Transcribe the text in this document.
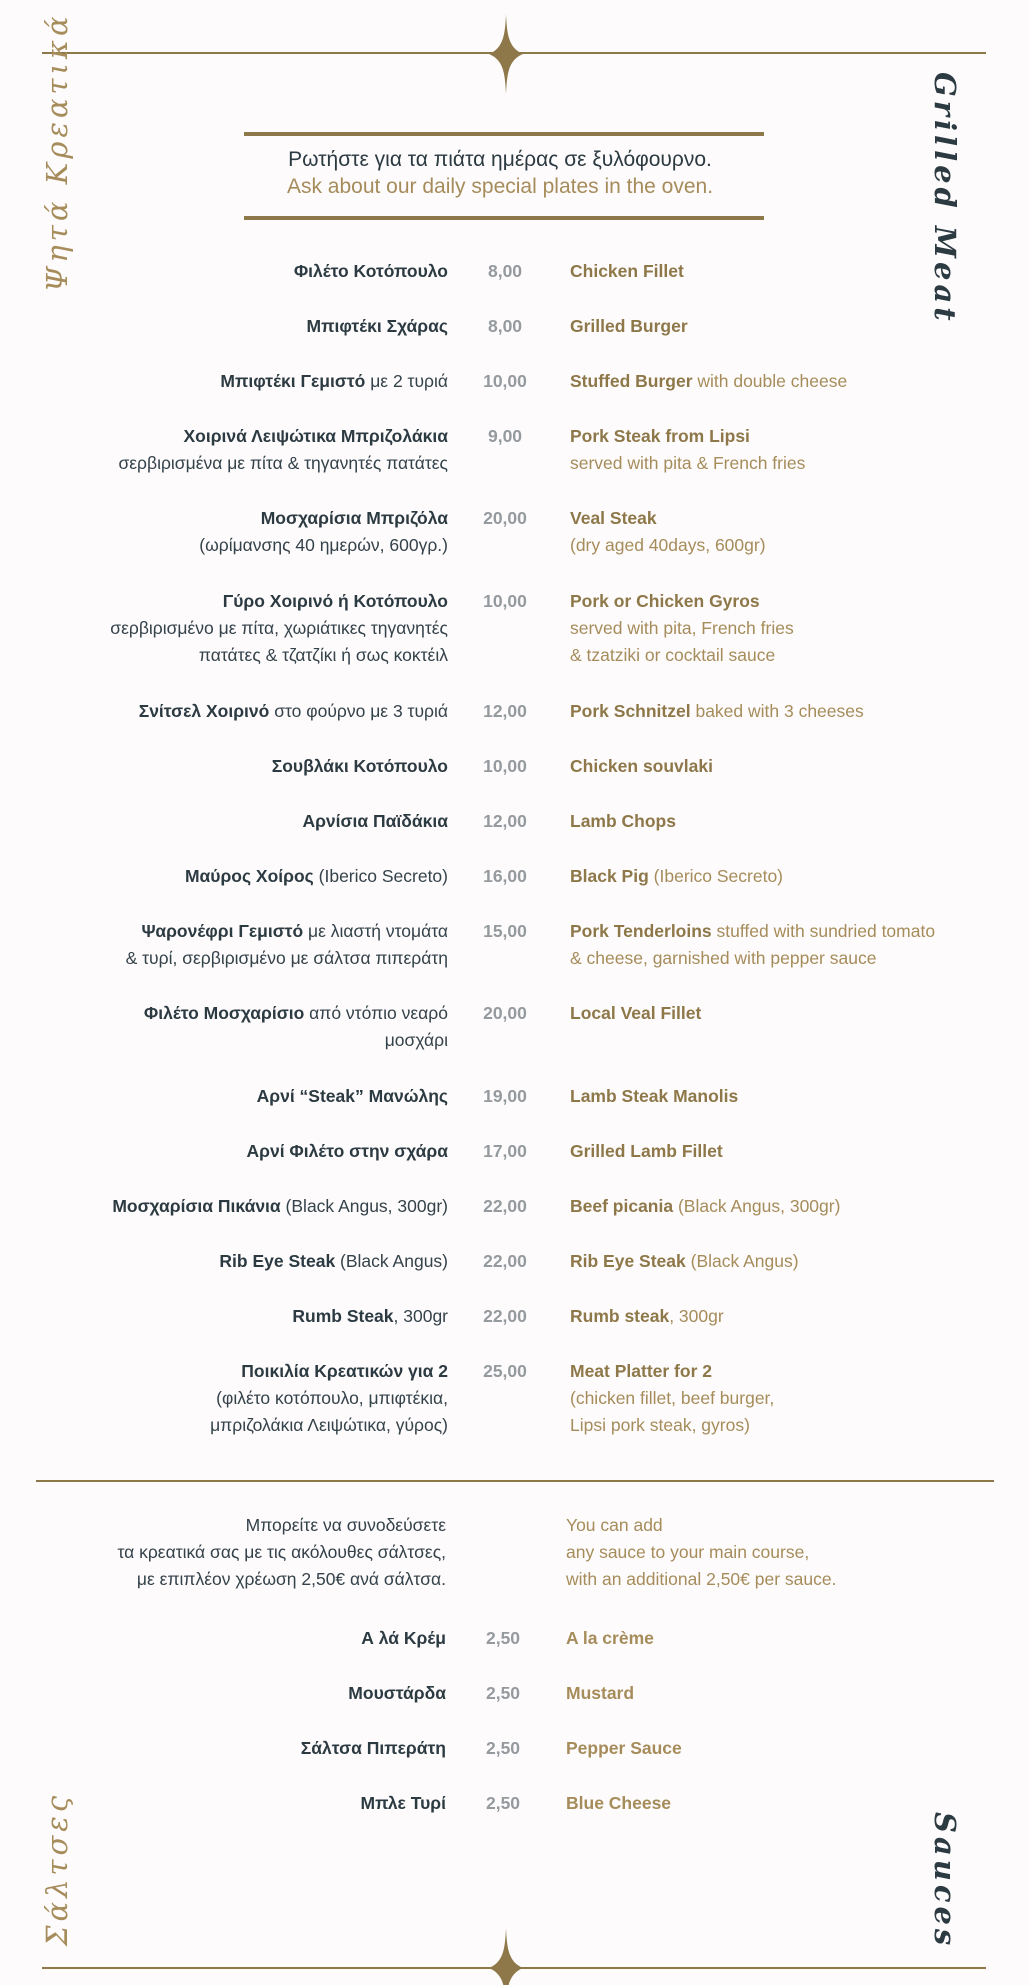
Ψητά Κρεατικά	Grilled Meat
Ρωτήστε για τα πιάτα ημέρας σε ξυλόφουρνο.
Ask about our daily special plates in the oven.
Φιλέτο Κοτόπουλο	8,00	Chicken Fillet
Μπιφτέκι Σχάρας	8,00	Grilled Burger
Μπιφτέκι Γεμιστό με 2 τυριά 10,00 Stuffed Burger with double cheese
Χοιρινά Λειψώτικα Μπριζολάκια
σερβιρισμένα με πίτα & τηγανητές πατάτες
9,00	Pork Steak from Lipsi
served with pita & French fries
Μοσχαρίσια Μπριζόλα
(ωρίμανσης 40 ημερών, 600γρ.)
20,00 Veal Steak
(dry aged 40days, 600gr)
Γύρο Χοιρινό ή Κοτόπουλο
σερβιρισμένο με πίτα, χωριάτικες τηγανητές
πατάτες & τζατζίκι ή σως κοκτέιλ
10,00 Pork or Chicken Gyros
served with pita, French fries
& tzatziki or cocktail sauce
Σνίτσελ Χοιρινό στο φούρνο με 3 τυριά 12,00 Pork Schnitzel baked with 3 cheeses
Σουβλάκι Κοτόπουλο 10,00 Chicken souvlaki
Αρνίσια Παϊδάκια 12,00 Lamb Chops
Μαύρος Χοίρος (Iberico Secreto) 16,00 Black Pig (Iberico Secreto)
Ψαρονέφρι Γεμιστό με λιαστή ντομάτα
& τυρί, σερβιρισμένο με σάλτσα πιπεράτη
15,00 Pork Tenderloins stuffed with sundried tomato
& cheese, garnished with pepper sauce
Φιλέτο Μοσχαρίσιο από ντόπιο νεαρό
μοσχάρι
20,00 Local Veal Fillet
Αρνί “Steak” Μανώλης 19,00 Lamb Steak Manolis
Αρνί Φιλέτο στην σχάρα 17,00 Grilled Lamb Fillet
Μοσχαρίσια Πικάνια (Black Angus, 300gr) 22,00 Beef picania (Black Angus, 300gr)
Rib Eye Steak (Black Angus) 22,00 Rib Eye Steak (Black Angus)
Rumb Steak, 300gr 22,00 Rumb steak, 300gr
Ποικιλία Κρεατικών για 2
(φιλέτο κοτόπουλο, μπιφτέκια,
μπριζολάκια Λειψώτικα, γύρος)
25,00 Meat Platter for 2
(chicken fillet, beef burger,
Lipsi pork steak, gyros)
Μπορείτε να συνοδεύσετε
τα κρεατικά σας με τις ακόλουθες σάλτσες,
με επιπλέον χρέωση 2,50€ ανά σάλτσα.
You can add
any sauce to your main course,
with an additional 2,50€ per sauce.
Α λά Κρέμ	2,50	A la crème
Μουστάρδα	2,50	Mustard
Σάλτσα Πιπεράτη	2,50	Pepper Sauce
Μπλε Τυρί	2,50	Blue Cheese
Σάλτσες	Sauces
